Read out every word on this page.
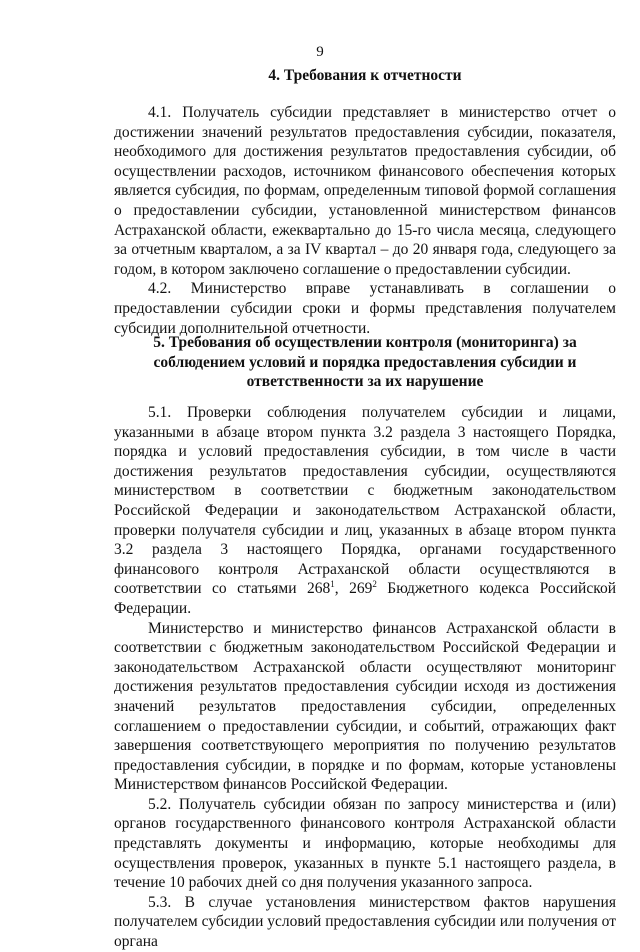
9
4. Требования к отчетности

4.1. Получатель субсидии представляет в министерство отчет о достижении значений результатов предоставления субсидии, показателя, необходимого для достижения результатов предоставления субсидии, об осуществлении расходов, источником финансового обеспечения которых является субсидия, по формам, определенным типовой формой соглашения о предоставлении субсидии, установленной министерством финансов Астраханской области, ежеквартально до 15-го числа месяца, следующего за отчетным кварталом, а за IV квартал – до 20 января года, следующего за годом, в котором заключено соглашение о предоставлении субсидии.

4.2. Министерство вправе устанавливать в соглашении о предоставлении субсидии сроки и формы представления получателем субсидии дополнительной отчетности.

5. Требования об осуществлении контроля (мониторинга) за соблюдением условий и порядка предоставления субсидии и ответственности за их нарушение

5.1. Проверки соблюдения получателем субсидии и лицами, указанными в абзаце втором пункта 3.2 раздела 3 настоящего Порядка, порядка и условий предоставления субсидии, в том числе в части достижения результатов предоставления субсидии, осуществляются министерством в соответствии с бюджетным законодательством Российской Федерации и законодательством Астраханской области, проверки получателя субсидии и лиц, указанных в абзаце втором пункта 3.2 раздела 3 настоящего Порядка, органами государственного финансового контроля Астраханской области осуществляются в соответствии со статьями $268^1$, $269^2$ Бюджетного кодекса Российской Федерации.

Министерство и министерство финансов Астраханской области в соответствии с бюджетным законодательством Российской Федерации и законодательством Астраханской области осуществляют мониторинг достижения результатов предоставления субсидии исходя из достижения значений результатов предоставления субсидии, определенных соглашением о предоставлении субсидии, и событий, отражающих факт завершения соответствующего мероприятия по получению результатов предоставления субсидии, в порядке и по формам, которые установлены Министерством финансов Российской Федерации.

5.2. Получатель субсидии обязан по запросу министерства и (или) органов государственного финансового контроля Астраханской области представлять документы и информацию, которые необходимы для осуществления проверок, указанных в пункте 5.1 настоящего раздела, в течение 10 рабочих дней со дня получения указанного запроса.

5.3. В случае установления министерством фактов нарушения получателем субсидии условий предоставления субсидии или получения от органа
